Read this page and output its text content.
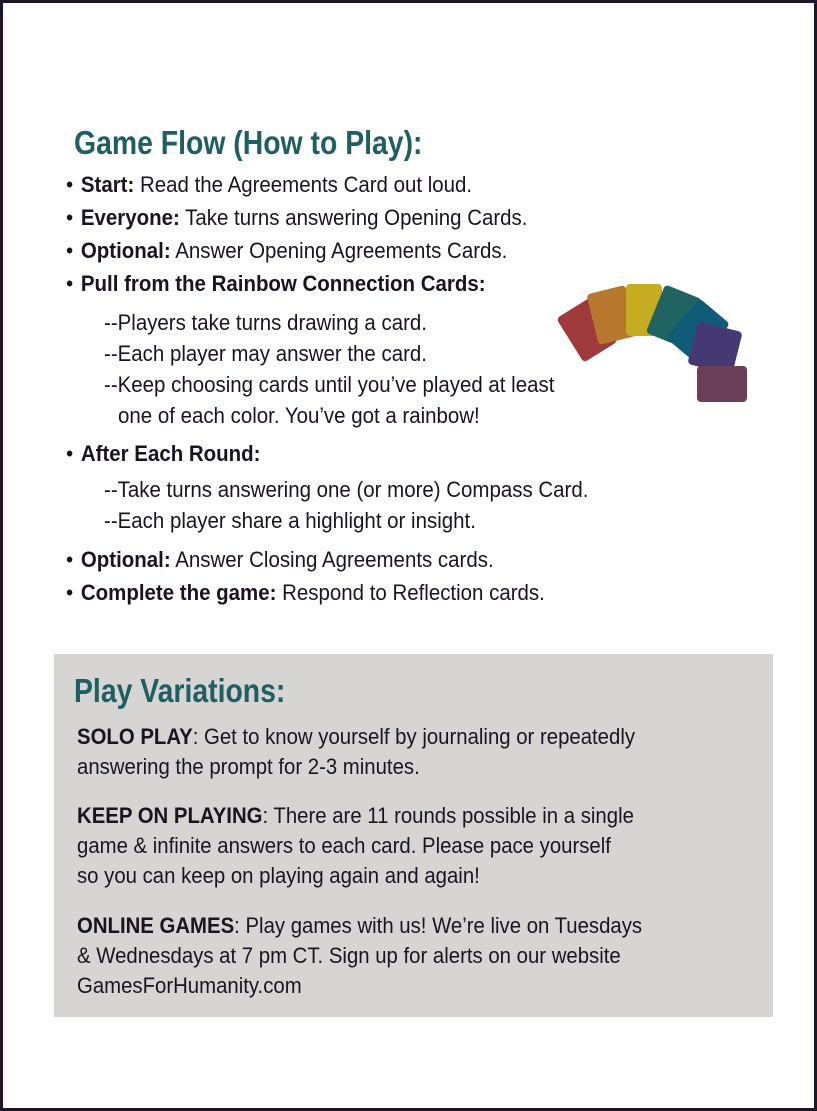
Game Flow (How to Play):
• Start: Read the Agreements Card out loud.
• Everyone: Take turns answering Opening Cards.
• Optional: Answer Opening Agreements Cards.
• Pull from the Rainbow Connection Cards:
--Players take turns drawing a card.
--Each player may answer the card.
--Keep choosing cards until you’ve played at least
one of each color. You’ve got a rainbow!
• After Each Round:
--Take turns answering one (or more) Compass Card.
--Each player share a highlight or insight.
• Optional: Answer Closing Agreements cards.
• Complete the game: Respond to Reflection cards.
Play Variations:
SOLO PLAY: Get to know yourself by journaling or repeatedly
answering the prompt for 2-3 minutes.
KEEP ON PLAYING: There are 11 rounds possible in a single
game & infinite answers to each card. Please pace yourself
so you can keep on playing again and again!
ONLINE GAMES: Play games with us! We’re live on Tuesdays
& Wednesdays at 7 pm CT. Sign up for alerts on our website
GamesForHumanity.com
